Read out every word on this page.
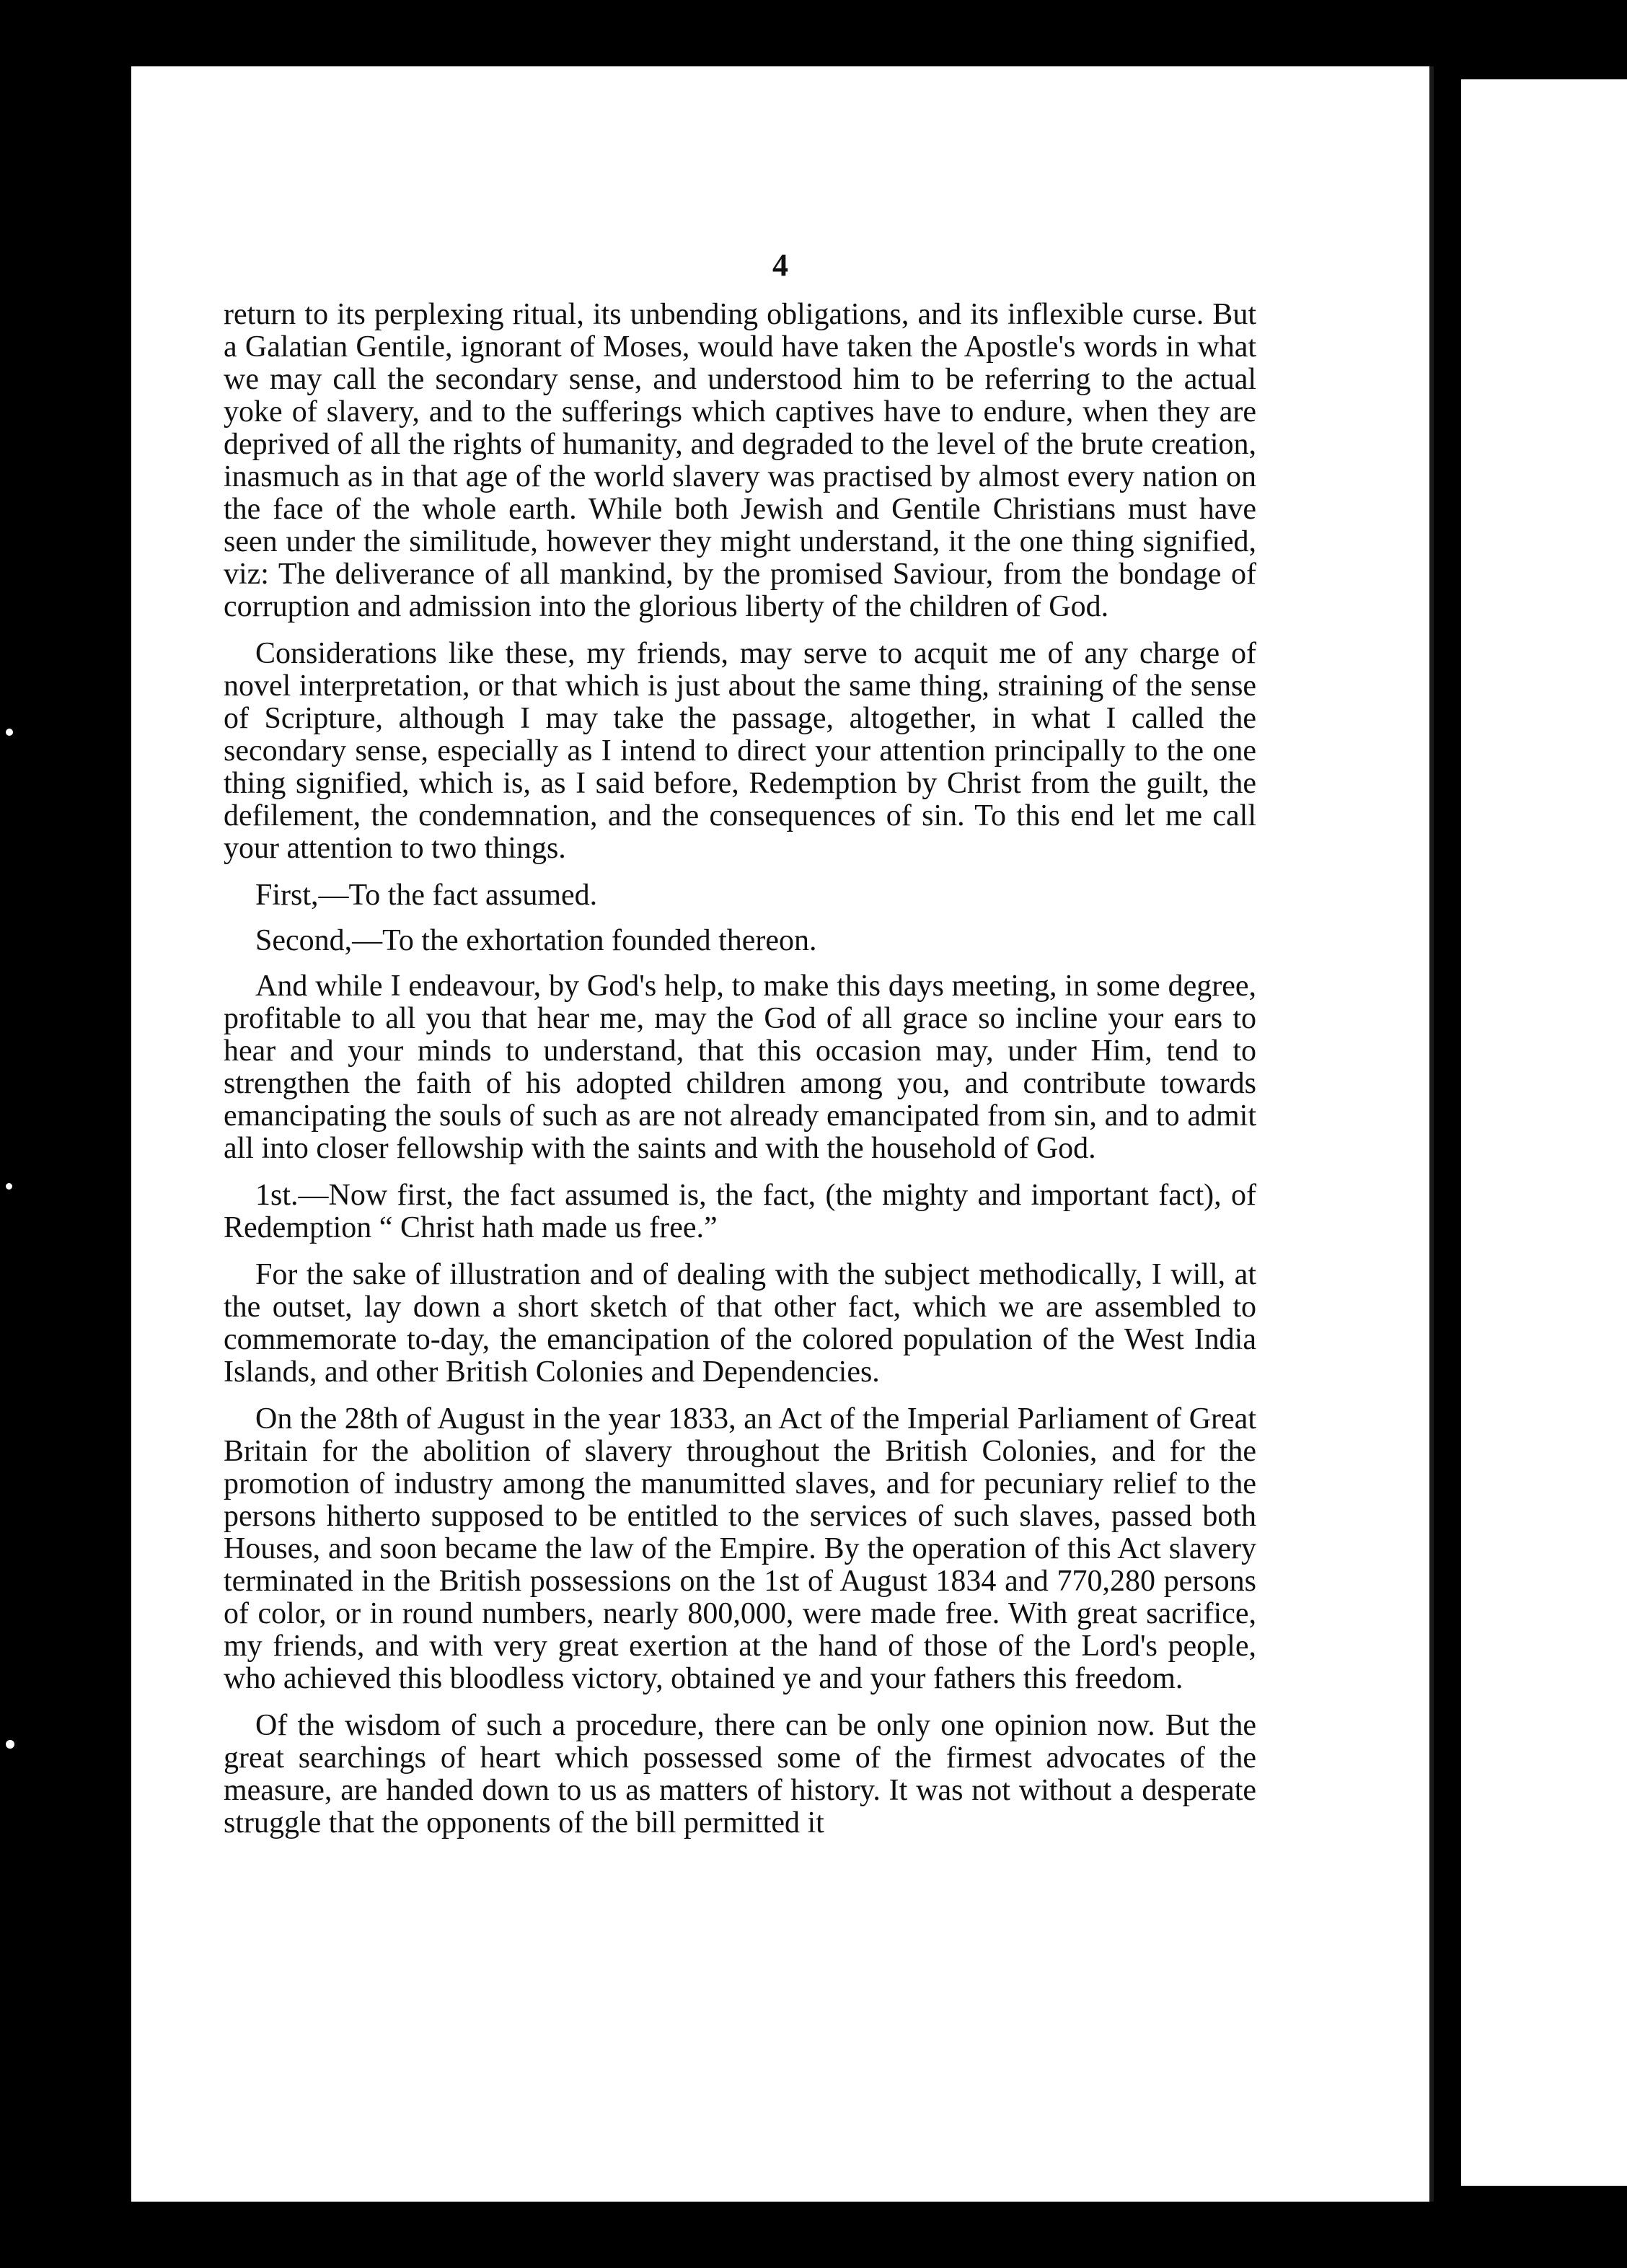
4

return to its perplexing ritual, its unbending obligations, and its inflexible curse. But a Galatian Gentile, ignorant of Moses, would have taken the Apostle's words in what we may call the secondary sense, and understood him to be referring to the actual yoke of slavery, and to the sufferings which captives have to endure, when they are deprived of all the rights of humanity, and degraded to the level of the brute creation, inasmuch as in that age of the world slavery was practised by almost every nation on the face of the whole earth. While both Jewish and Gentile Christians must have seen under the similitude, however they might understand, it the one thing signified, viz: The deliverance of all mankind, by the promised Saviour, from the bondage of corruption and admission into the glorious liberty of the children of God.

Considerations like these, my friends, may serve to acquit me of any charge of novel interpretation, or that which is just about the same thing, straining of the sense of Scripture, although I may take the passage, altogether, in what I called the secondary sense, especially as I intend to direct your attention principally to the one thing signified, which is, as I said before, Redemption by Christ from the guilt, the defilement, the condemnation, and the consequences of sin. To this end let me call your attention to two things.

First,—To the fact assumed.

Second,—To the exhortation founded thereon.

And while I endeavour, by God's help, to make this days meeting, in some degree, profitable to all you that hear me, may the God of all grace so incline your ears to hear and your minds to understand, that this occasion may, under Him, tend to strengthen the faith of his adopted children among you, and contribute towards emancipating the souls of such as are not already emancipated from sin, and to admit all into closer fellowship with the saints and with the household of God.

1st.—Now first, the fact assumed is, the fact, (the mighty and important fact), of Redemption “ Christ hath made us free.”

For the sake of illustration and of dealing with the subject methodically, I will, at the outset, lay down a short sketch of that other fact, which we are assembled to commemorate to-day, the emancipation of the colored population of the West India Islands, and other British Colonies and Dependencies.

On the 28th of August in the year 1833, an Act of the Imperial Parliament of Great Britain for the abolition of slavery throughout the British Colonies, and for the promotion of industry among the manumitted slaves, and for pecuniary relief to the persons hitherto supposed to be entitled to the services of such slaves, passed both Houses, and soon became the law of the Empire. By the operation of this Act slavery terminated in the British possessions on the 1st of August 1834 and 770,280 persons of color, or in round numbers, nearly 800,000, were made free. With great sacrifice, my friends, and with very great exertion at the hand of those of the Lord's people, who achieved this bloodless victory, obtained ye and your fathers this freedom.

Of the wisdom of such a procedure, there can be only one opinion now. But the great searchings of heart which possessed some of the firmest advocates of the measure, are handed down to us as matters of history. It was not without a desperate struggle that the opponents of the bill permitted it
